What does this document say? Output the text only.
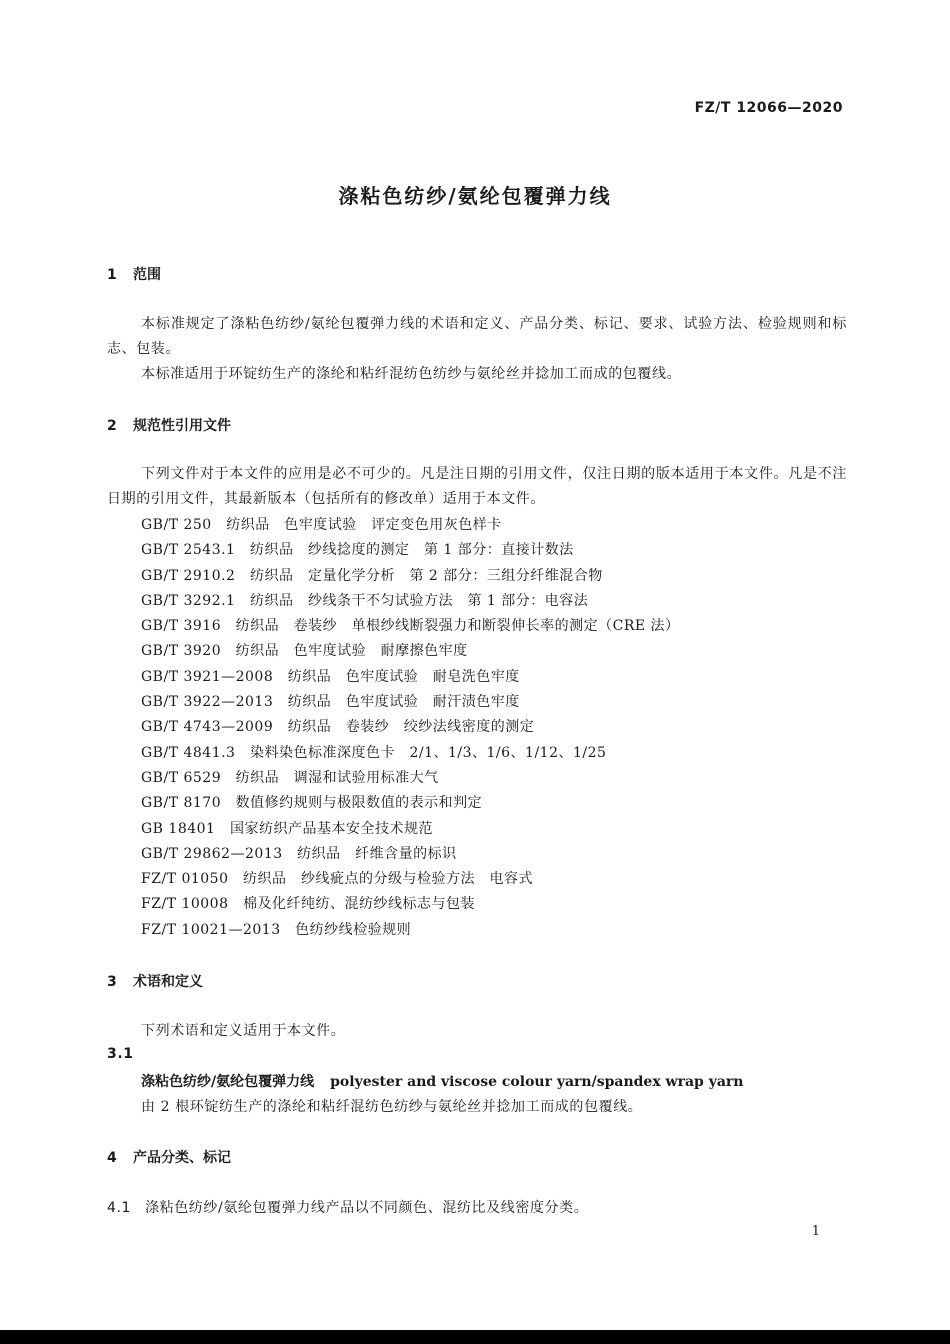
FZ/T 12066—2020
涤粘色纺纱/氨纶包覆弹力线
1 范围
本标准规定了涤粘色纺纱/氨纶包覆弹力线的术语和定义、产品分类、标记、要求、试验方法、检验规则和标志、包装。
本标准适用于环锭纺生产的涤纶和粘纤混纺色纺纱与氨纶丝并捻加工而成的包覆线。
2 规范性引用文件
下列文件对于本文件的应用是必不可少的。凡是注日期的引用文件，仅注日期的版本适用于本文件。凡是不注日期的引用文件，其最新版本（包括所有的修改单）适用于本文件。
GB/T 250　纺织品　色牢度试验　评定变色用灰色样卡
GB/T 2543.1　纺织品　纱线捻度的测定　第 1 部分：直接计数法
GB/T 2910.2　纺织品　定量化学分析　第 2 部分：三组分纤维混合物
GB/T 3292.1　纺织品　纱线条干不匀试验方法　第 1 部分：电容法
GB/T 3916　纺织品　卷装纱　单根纱线断裂强力和断裂伸长率的测定（CRE 法）
GB/T 3920　纺织品　色牢度试验　耐摩擦色牢度
GB/T 3921—2008　纺织品　色牢度试验　耐皂洗色牢度
GB/T 3922—2013　纺织品　色牢度试验　耐汗渍色牢度
GB/T 4743—2009　纺织品　卷装纱　绞纱法线密度的测定
GB/T 4841.3　染料染色标准深度色卡　2/1、1/3、1/6、1/12、1/25
GB/T 6529　纺织品　调湿和试验用标准大气
GB/T 8170　数值修约规则与极限数值的表示和判定
GB 18401　国家纺织产品基本安全技术规范
GB/T 29862—2013　纺织品　纤维含量的标识
FZ/T 01050　纺织品　纱线疵点的分级与检验方法　电容式
FZ/T 10008　棉及化纤纯纺、混纺纱线标志与包装
FZ/T 10021—2013　色纺纱线检验规则
3 术语和定义
下列术语和定义适用于本文件。
3.1
涤粘色纺纱/氨纶包覆弹力线 polyester and viscose colour yarn/spandex wrap yarn
由 2 根环锭纺生产的涤纶和粘纤混纺色纺纱与氨纶丝并捻加工而成的包覆线。
4 产品分类、标记
4.1 涤粘色纺纱/氨纶包覆弹力线产品以不同颜色、混纺比及线密度分类。
1
